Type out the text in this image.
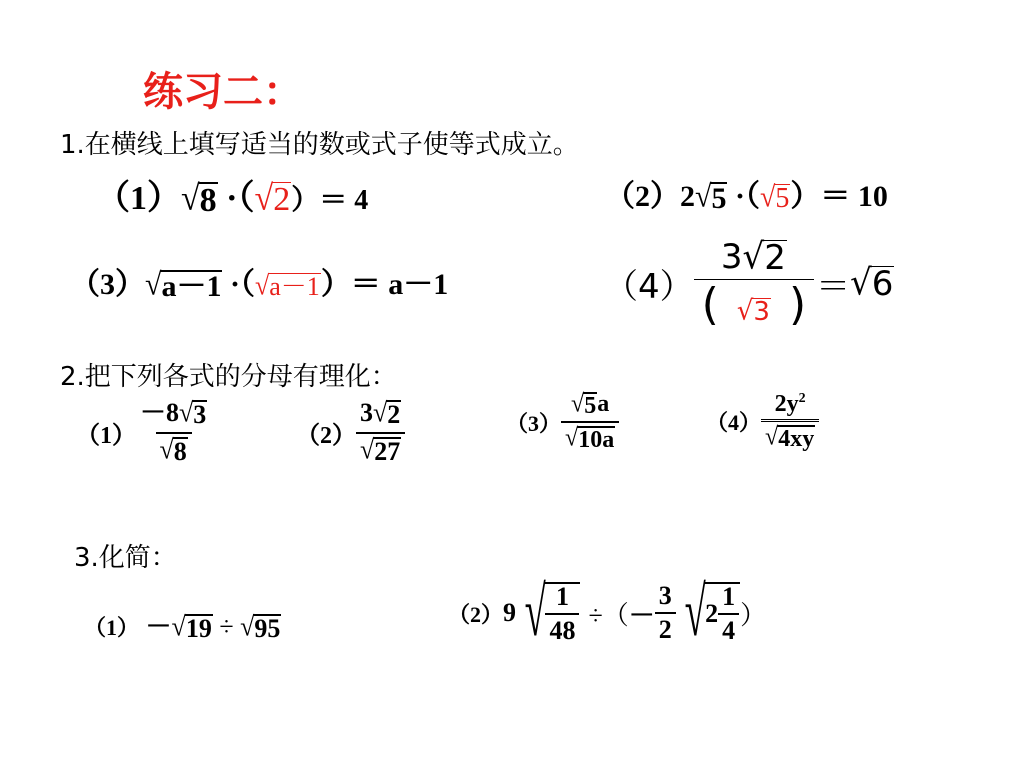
练习二：
1.在横线上填写适当的数或式子使等式成立。
（1） √ 8 ·（ √ 2 ）＝ 4	（2）2 √ 5 ·（ √ 5 ）＝ 10
（3） √ a－1 ·（ √ a－1 ）＝ a－1	$(4) \frac{3 √ 2}{( √ 3 )}$ ＝ √ 6
2.把下列各式的分母有理化：
$(1) \frac{-8 √ 3}{√ 8}$	$(2) \frac{3 √ 2}{√ 27}$	$(3) \frac{√ 5 a}{√ 10a}$	$(4) \frac{2y^2}{√ 4xy}$
3.化简：
（1） － √ 19 ÷ √ 95	（2） 9 √ $\frac{1}{48}$ ÷（ － $\frac{3}{2}$ √ $2 \frac{1}{4}$ ）
